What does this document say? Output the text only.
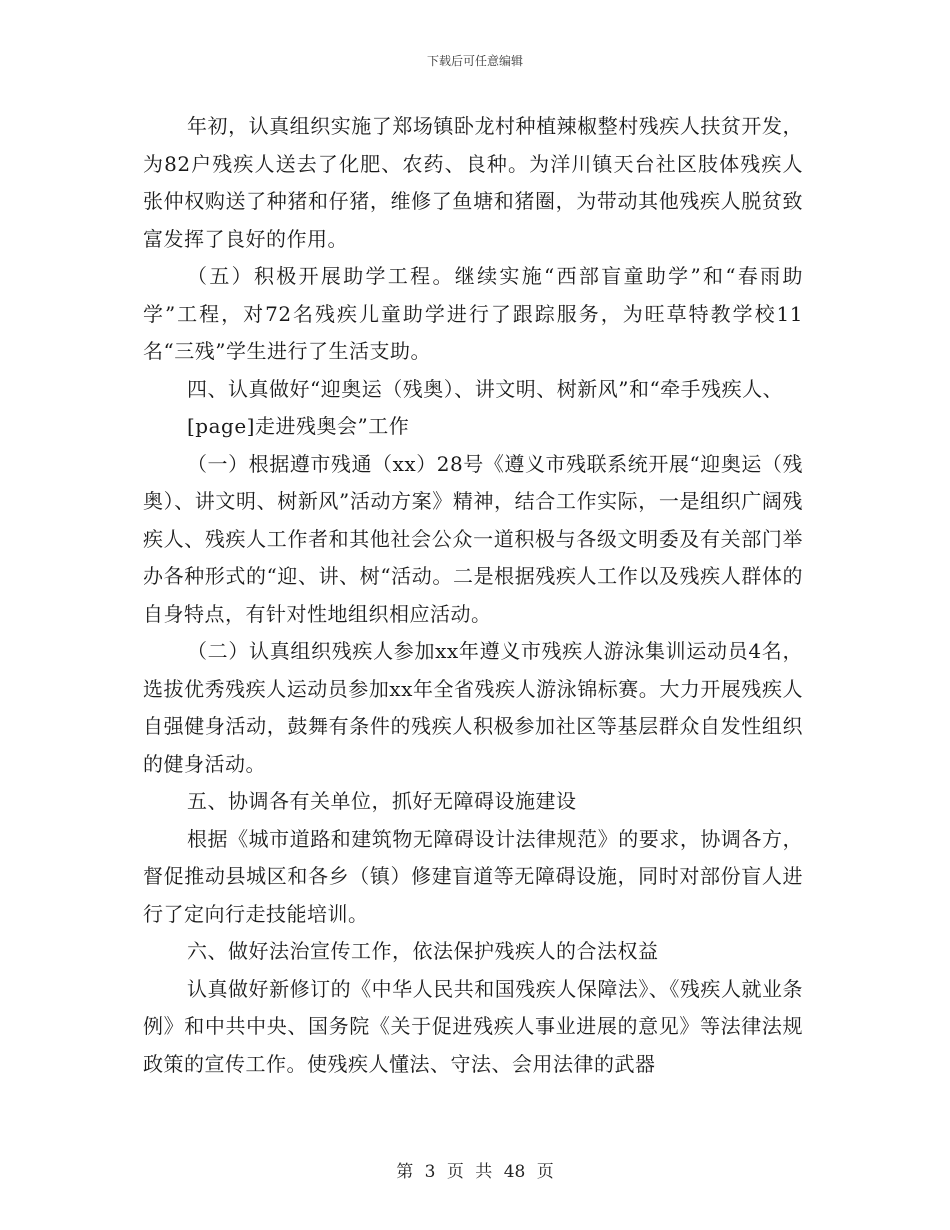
下载后可任意编辑

年初，认真组织实施了郑场镇卧龙村种植辣椒整村残疾人扶贫开发，为82户残疾人送去了化肥、农药、良种。为洋川镇天台社区肢体残疾人张仲权购送了种猪和仔猪，维修了鱼塘和猪圈，为带动其他残疾人脱贫致富发挥了良好的作用。

（五）积极开展助学工程。继续实施“西部盲童助学”和“春雨助学”工程，对72名残疾儿童助学进行了跟踪服务，为旺草特教学校11名“三残”学生进行了生活支助。

四、认真做好“迎奥运（残奥）、讲文明、树新风”和“牵手残疾人、

[page]走进残奥会”工作

（一）根据遵市残通（xx）28号《遵义市残联系统开展“迎奥运（残奥）、讲文明、树新风”活动方案》精神，结合工作实际，一是组织广阔残疾人、残疾人工作者和其他社会公众一道积极与各级文明委及有关部门举办各种形式的“迎、讲、树“活动。二是根据残疾人工作以及残疾人群体的自身特点，有针对性地组织相应活动。

（二）认真组织残疾人参加xx年遵义市残疾人游泳集训运动员4名，选拔优秀残疾人运动员参加xx年全省残疾人游泳锦标赛。大力开展残疾人自强健身活动，鼓舞有条件的残疾人积极参加社区等基层群众自发性组织的健身活动。

五、协调各有关单位，抓好无障碍设施建设

根据《城市道路和建筑物无障碍设计法律规范》的要求，协调各方，督促推动县城区和各乡（镇）修建盲道等无障碍设施，同时对部份盲人进行了定向行走技能培训。

六、做好法治宣传工作，依法保护残疾人的合法权益

认真做好新修订的《中华人民共和国残疾人保障法》、《残疾人就业条例》和中共中央、国务院《关于促进残疾人事业进展的意见》等法律法规政策的宣传工作。使残疾人懂法、守法、会用法律的武器

第 3 页 共 48 页
